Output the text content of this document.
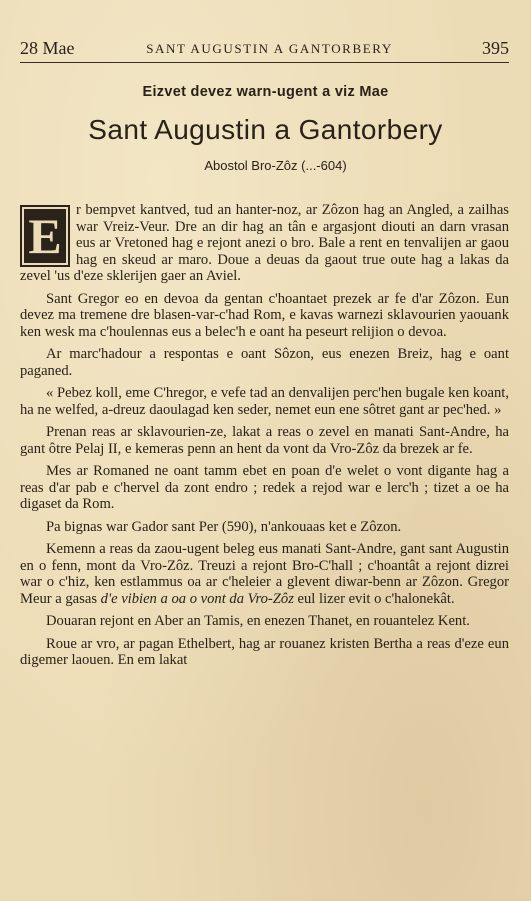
28 Mae	SANT AUGUSTIN A GANTORBERY	395
Eizvet devez warn-ugent a viz Mae
Sant Augustin a Gantorbery
Abostol Bro-Zôz (...-604)

E r bempvet kantved, tud an hanter-noz, ar Zôzon hag an Angled, a zailhas war Vreiz-Veur. Dre an dir hag an tân e argasjont diouti an darn vrasan eus ar Vretoned hag e rejont anezi o bro. Bale a rent en tenvalijen ar gaou hag en skeud ar maro. Doue a deuas da gaout true oute hag a lakas da zevel 'us d'eze sklerijen gaer an Aviel.

Sant Gregor eo en devoa da gentan c'hoantaet prezek ar fe d'ar Zôzon. Eun devez ma tremene dre blasen-var-c'had Rom, e kavas warnezi sklavourien yaouank ken wesk ma c'houlennas eus a belec'h e oant ha peseurt relijion o devoa.

Ar marc'hadour a respontas e oant Sôzon, eus enezen Breiz, hag e oant paganed.

« Pebez koll, eme C'hregor, e vefe tad an denvalijen perc'hen bugale ken koant, ha ne welfed, a-dreuz daoulagad ken seder, nemet eun ene sôtret gant ar pec'hed. »

Prenan reas ar sklavourien-ze, lakat a reas o zevel en manati Sant-Andre, ha gant ôtre Pelaj II, e kemeras penn an hent da vont da Vro-Zôz da brezek ar fe.

Mes ar Romaned ne oant tamm ebet en poan d'e welet o vont digante hag a reas d'ar pab e c'hervel da zont endro ; redek a rejod war e lerc'h ; tizet a oe ha digaset da Rom.

Pa bignas war Gador sant Per (590), n'ankouaas ket e Zôzon.

Kemenn a reas da zaou-ugent beleg eus manati Sant-Andre, gant sant Augustin en o fenn, mont da Vro-Zôz. Treuzi a rejont Bro-C'hall ; c'hoantât a rejont dizrei war o c'hiz, ken estlammus oa ar c'heleier a glevent diwar-benn ar Zôzon. Gregor Meur a gasas d'e vibien a oa o vont da Vro-Zôz eul lizer evit o c'halonekât.

Douaran rejont en Aber an Tamis, en enezen Thanet, en rouantelez Kent.

Roue ar vro, ar pagan Ethelbert, hag ar rouanez kristen Bertha a reas d'eze eun digemer laouen. En em lakat
